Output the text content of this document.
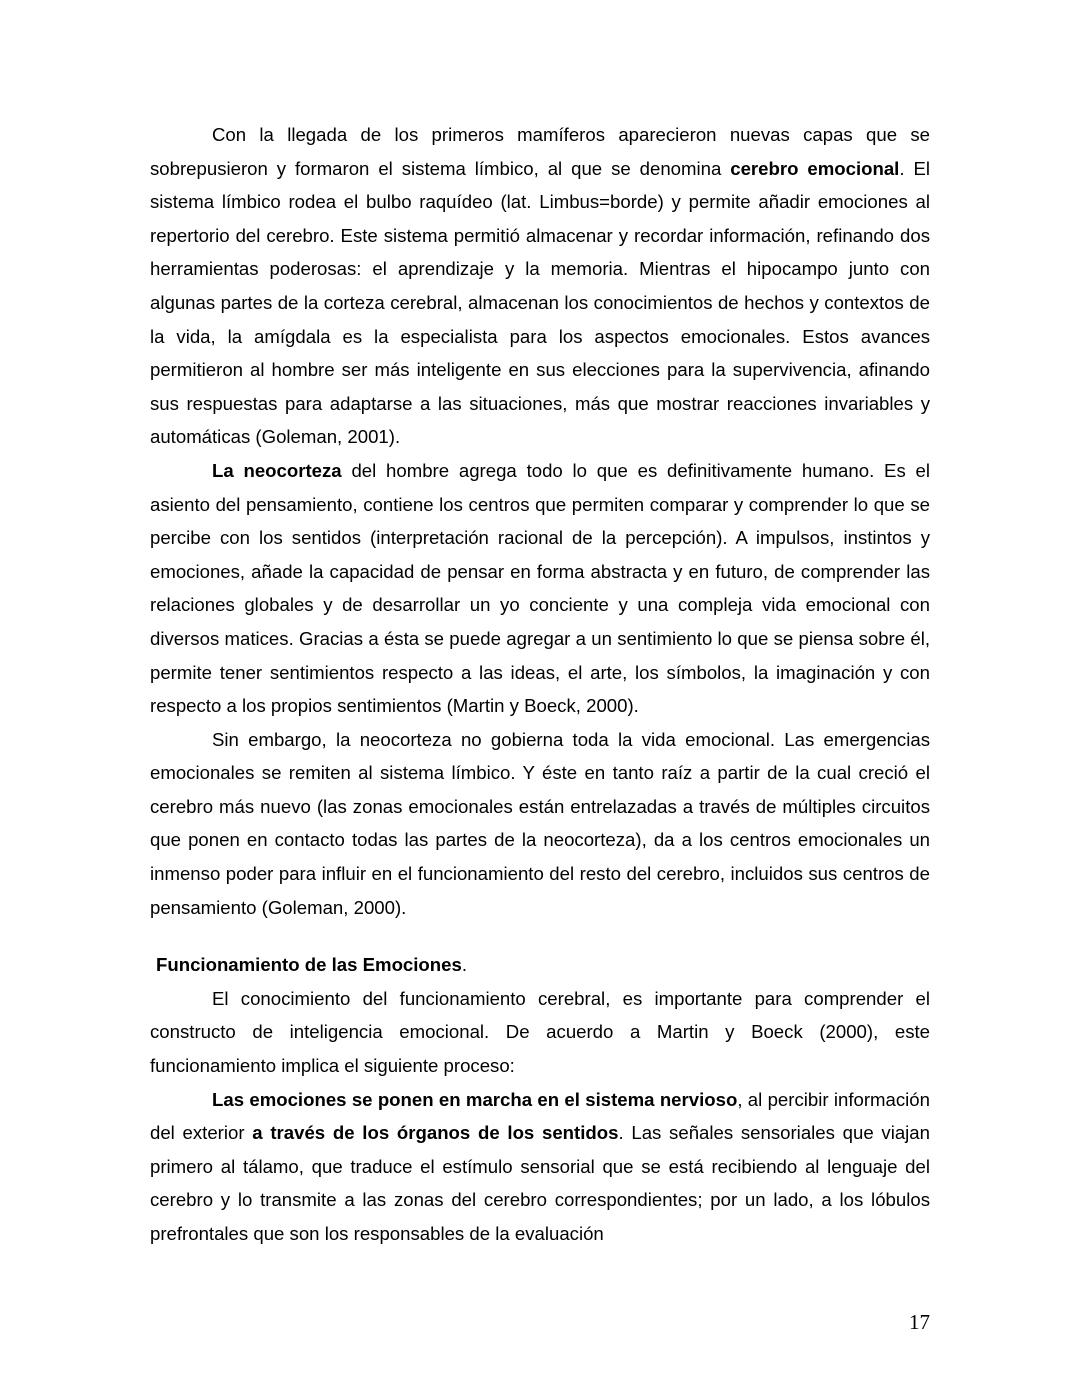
Con la llegada de los primeros mamíferos aparecieron nuevas capas que se sobrepusieron y formaron el sistema límbico, al que se denomina cerebro emocional. El sistema límbico rodea el bulbo raquídeo (lat. Limbus=borde) y permite añadir emociones al repertorio del cerebro. Este sistema permitió almacenar y recordar información, refinando dos herramientas poderosas: el aprendizaje y la memoria. Mientras el hipocampo junto con algunas partes de la corteza cerebral, almacenan los conocimientos de hechos y contextos de la vida, la amígdala es la especialista para los aspectos emocionales. Estos avances permitieron al hombre ser más inteligente en sus elecciones para la supervivencia, afinando sus respuestas para adaptarse a las situaciones, más que mostrar reacciones invariables y automáticas (Goleman, 2001).

La neocorteza del hombre agrega todo lo que es definitivamente humano. Es el asiento del pensamiento, contiene los centros que permiten comparar y comprender lo que se percibe con los sentidos (interpretación racional de la percepción). A impulsos, instintos y emociones, añade la capacidad de pensar en forma abstracta y en futuro, de comprender las relaciones globales y de desarrollar un yo conciente y una compleja vida emocional con diversos matices. Gracias a ésta se puede agregar a un sentimiento lo que se piensa sobre él, permite tener sentimientos respecto a las ideas, el arte, los símbolos, la imaginación y con respecto a los propios sentimientos (Martin y Boeck, 2000).

Sin embargo, la neocorteza no gobierna toda la vida emocional. Las emergencias emocionales se remiten al sistema límbico. Y éste en tanto raíz a partir de la cual creció el cerebro más nuevo (las zonas emocionales están entrelazadas a través de múltiples circuitos que ponen en contacto todas las partes de la neocorteza), da a los centros emocionales un inmenso poder para influir en el funcionamiento del resto del cerebro, incluidos sus centros de pensamiento (Goleman, 2000).

Funcionamiento de las Emociones.

El conocimiento del funcionamiento cerebral, es importante para comprender el constructo de inteligencia emocional. De acuerdo a Martin y Boeck (2000), este funcionamiento implica el siguiente proceso:

Las emociones se ponen en marcha en el sistema nervioso, al percibir información del exterior a través de los órganos de los sentidos. Las señales sensoriales que viajan primero al tálamo, que traduce el estímulo sensorial que se está recibiendo al lenguaje del cerebro y lo transmite a las zonas del cerebro correspondientes; por un lado, a los lóbulos prefrontales que son los responsables de la evaluación

17
